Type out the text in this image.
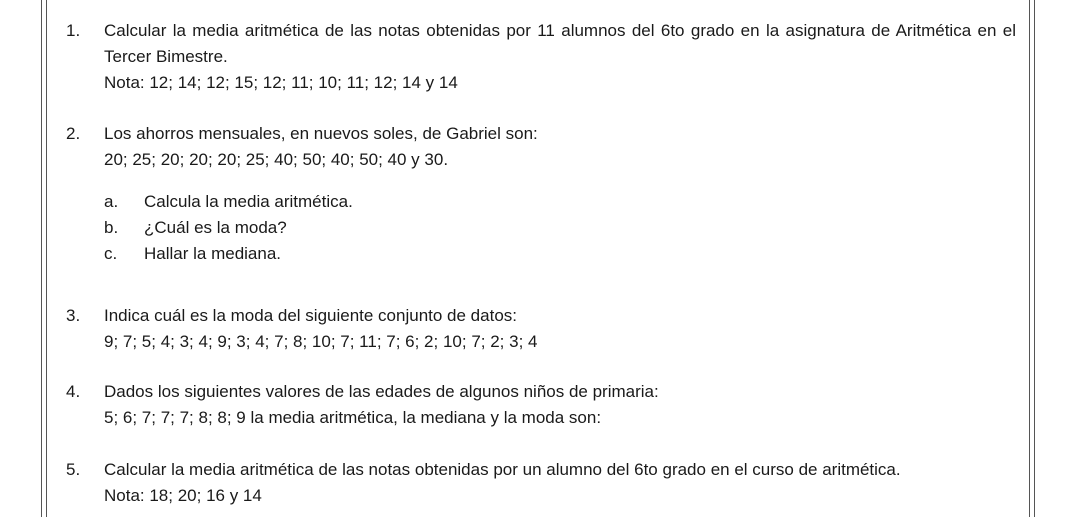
1. Calcular la media aritmética de las notas obtenidas por 11 alumnos del 6to grado en la asignatura de Aritmética en el Tercer Bimestre.
Nota: 12; 14; 12; 15; 12; 11; 10; 11; 12; 14 y 14
2. Los ahorros mensuales, en nuevos soles, de Gabriel son:
20; 25; 20; 20; 20; 25; 40; 50; 40; 50; 40 y 30.
a. Calcula la media aritmética.
b. ¿Cuál es la moda?
c. Hallar la mediana.
3. Indica cuál es la moda del siguiente conjunto de datos:
9; 7; 5; 4; 3; 4; 9; 3; 4; 7; 8; 10; 7; 11; 7; 6; 2; 10; 7; 2; 3; 4
4. Dados los siguientes valores de las edades de algunos niños de primaria:
5; 6; 7; 7; 7; 8; 8; 9 la media aritmética, la mediana y la moda son:
5. Calcular la media aritmética de las notas obtenidas por un alumno del 6to grado en el curso de aritmética.
Nota: 18; 20; 16 y 14
